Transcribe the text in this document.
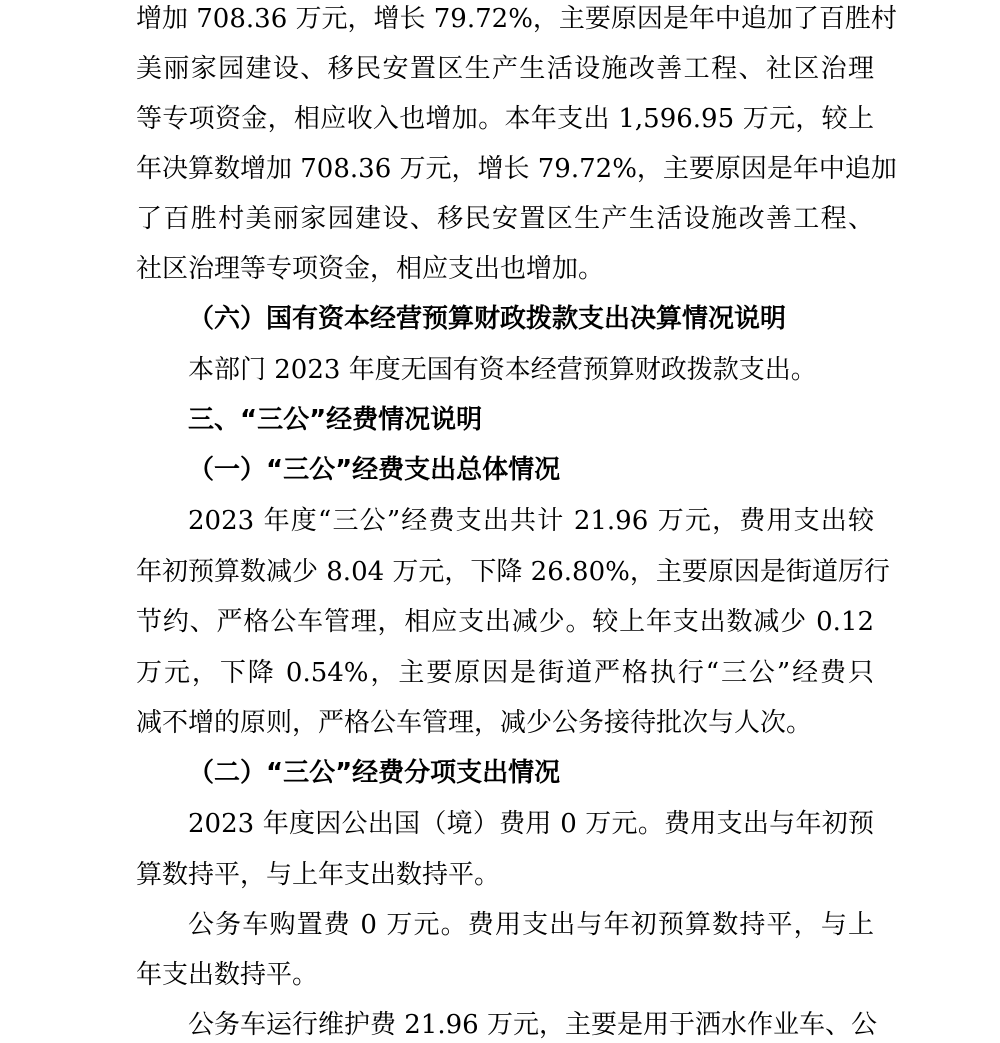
增加 708.36 万元，增长 79.72%，主要原因是年中追加了百胜村
美丽家园建设、移民安置区生产生活设施改善工程、社区治理
等专项资金，相应收入也增加。本年支出 1,596.95 万元，较上
年决算数增加 708.36 万元，增长 79.72%，主要原因是年中追加
了百胜村美丽家园建设、移民安置区生产生活设施改善工程、
社区治理等专项资金，相应支出也增加。
（六）国有资本经营预算财政拨款支出决算情况说明
本部门 2023 年度无国有资本经营预算财政拨款支出。
三、“三公”经费情况说明
（一）“三公”经费支出总体情况
2023 年度“三公”经费支出共计 21.96 万元，费用支出较
年初预算数减少 8.04 万元，下降 26.80%，主要原因是街道厉行
节约、严格公车管理，相应支出减少。较上年支出数减少 0.12
万元，下降 0.54%，主要原因是街道严格执行“三公”经费只
减不增的原则，严格公车管理，减少公务接待批次与人次。
（二）“三公”经费分项支出情况
2023 年度因公出国（境）费用 0 万元。费用支出与年初预
算数持平，与上年支出数持平。
公务车购置费 0 万元。费用支出与年初预算数持平，与上
年支出数持平。
公务车运行维护费 21.96 万元，主要是用于洒水作业车、公
